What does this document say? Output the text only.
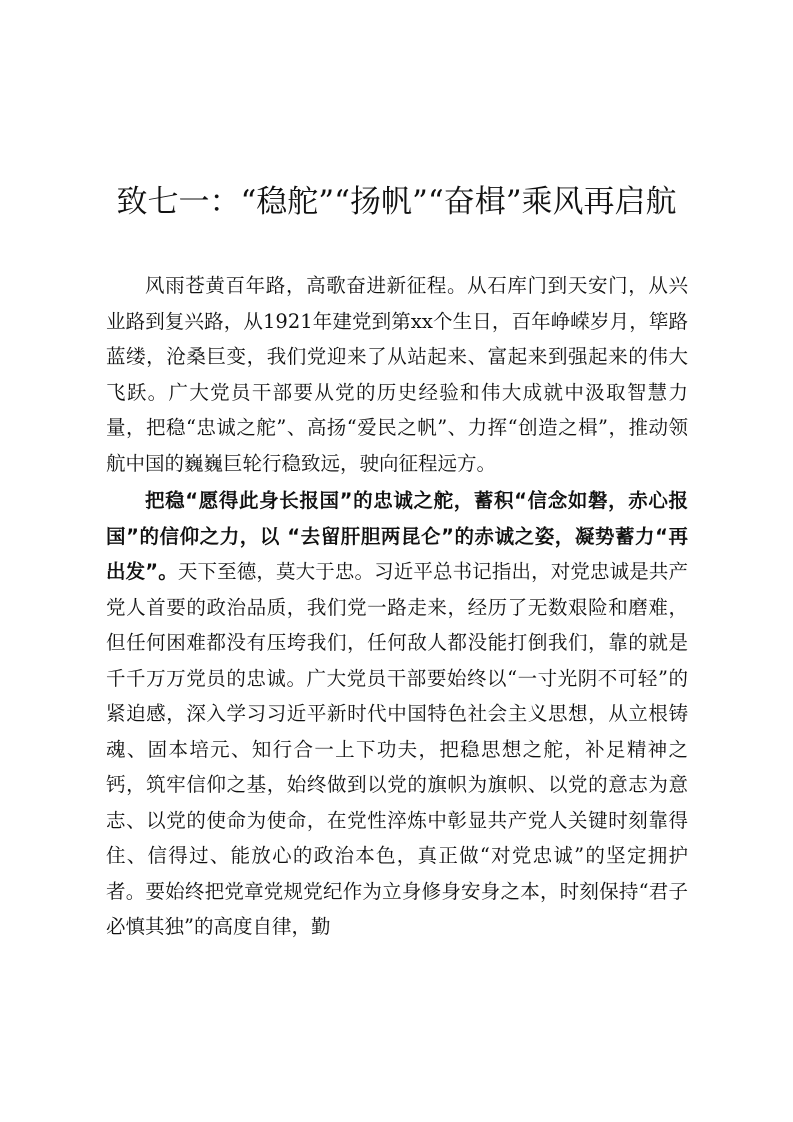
致七一：“稳舵”“扬帆”“奋楫”乘风再启航

风雨苍黄百年路，高歌奋进新征程。从石库门到天安门，从兴业路到复兴路，从1921年建党到第xx个生日，百年峥嵘岁月，筚路蓝缕，沧桑巨变，我们党迎来了从站起来、富起来到强起来的伟大飞跃。广大党员干部要从党的历史经验和伟大成就中汲取智慧力量，把稳“忠诚之舵”、高扬“爱民之帆”、力挥“创造之楫”，推动领航中国的巍巍巨轮行稳致远，驶向征程远方。

把稳“愿得此身长报国”的忠诚之舵，蓄积“信念如磐，赤心报国”的信仰之力，以 “去留肝胆两昆仑”的赤诚之姿，凝势蓄力“再出发”。天下至德，莫大于忠。习近平总书记指出，对党忠诚是共产党人首要的政治品质，我们党一路走来，经历了无数艰险和磨难，但任何困难都没有压垮我们，任何敌人都没能打倒我们，靠的就是千千万万党员的忠诚。广大党员干部要始终以“一寸光阴不可轻”的紧迫感，深入学习习近平新时代中国特色社会主义思想，从立根铸魂、固本培元、知行合一上下功夫，把稳思想之舵，补足精神之钙，筑牢信仰之基，始终做到以党的旗帜为旗帜、以党的意志为意志、以党的使命为使命，在党性淬炼中彰显共产党人关键时刻靠得住、信得过、能放心的政治本色，真正做“对党忠诚”的坚定拥护者。要始终把党章党规党纪作为立身修身安身之本，时刻保持“君子必慎其独”的高度自律，勤
